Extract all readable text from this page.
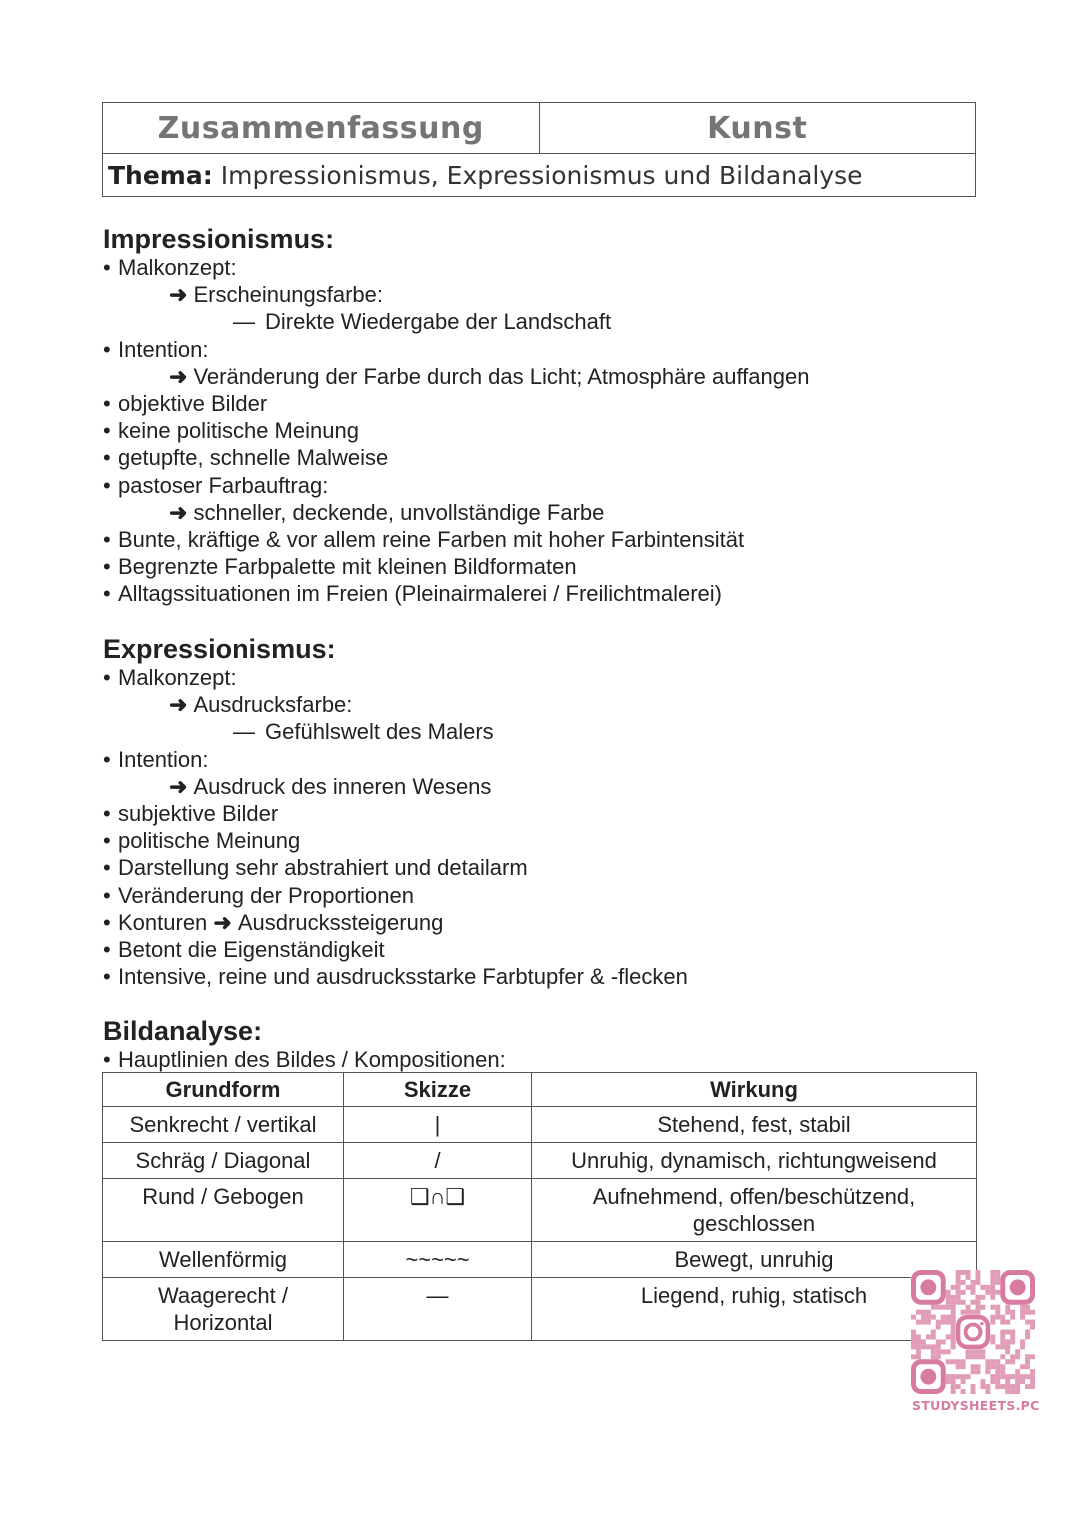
Zusammenfassung	Kunst
Thema: Impressionismus, Expressionismus und Bildanalyse
Impressionismus:
• Malkonzept:
➜ Erscheinungsfarbe:
— Direkte Wiedergabe der Landschaft
• Intention:
➜ Veränderung der Farbe durch das Licht; Atmosphäre auffangen
• objektive Bilder
• keine politische Meinung
• getupfte, schnelle Malweise
• pastoser Farbauftrag:
➜ schneller, deckende, unvollständige Farbe
• Bunte, kräftige & vor allem reine Farben mit hoher Farbintensität
• Begrenzte Farbpalette mit kleinen Bildformaten
• Alltagssituationen im Freien (Pleinairmalerei / Freilichtmalerei)
Expressionismus:
• Malkonzept:
➜ Ausdrucksfarbe:
— Gefühlswelt des Malers
• Intention:
➜ Ausdruck des inneren Wesens
• subjektive Bilder
• politische Meinung
• Darstellung sehr abstrahiert und detailarm
• Veränderung der Proportionen
• Konturen ➜ Ausdruckssteigerung
• Betont die Eigenständigkeit
• Intensive, reine und ausdrucksstarke Farbtupfer & -flecken
Bildanalyse:
• Hauptlinien des Bildes / Kompositionen:
Grundform	Skizze	Wirkung
Senkrecht / vertikal	|	Stehend, fest, stabil
Schräg / Diagonal	/	Unruhig, dynamisch, richtungweisend
Rund / Gebogen	❑∩❑	Aufnehmend, offen/beschützend, geschlossen
Wellenförmig	~~~~~	Bewegt, unruhig
Waagerecht / Horizontal	—	Liegend, ruhig, statisch
STUDYSHEETS.PC
